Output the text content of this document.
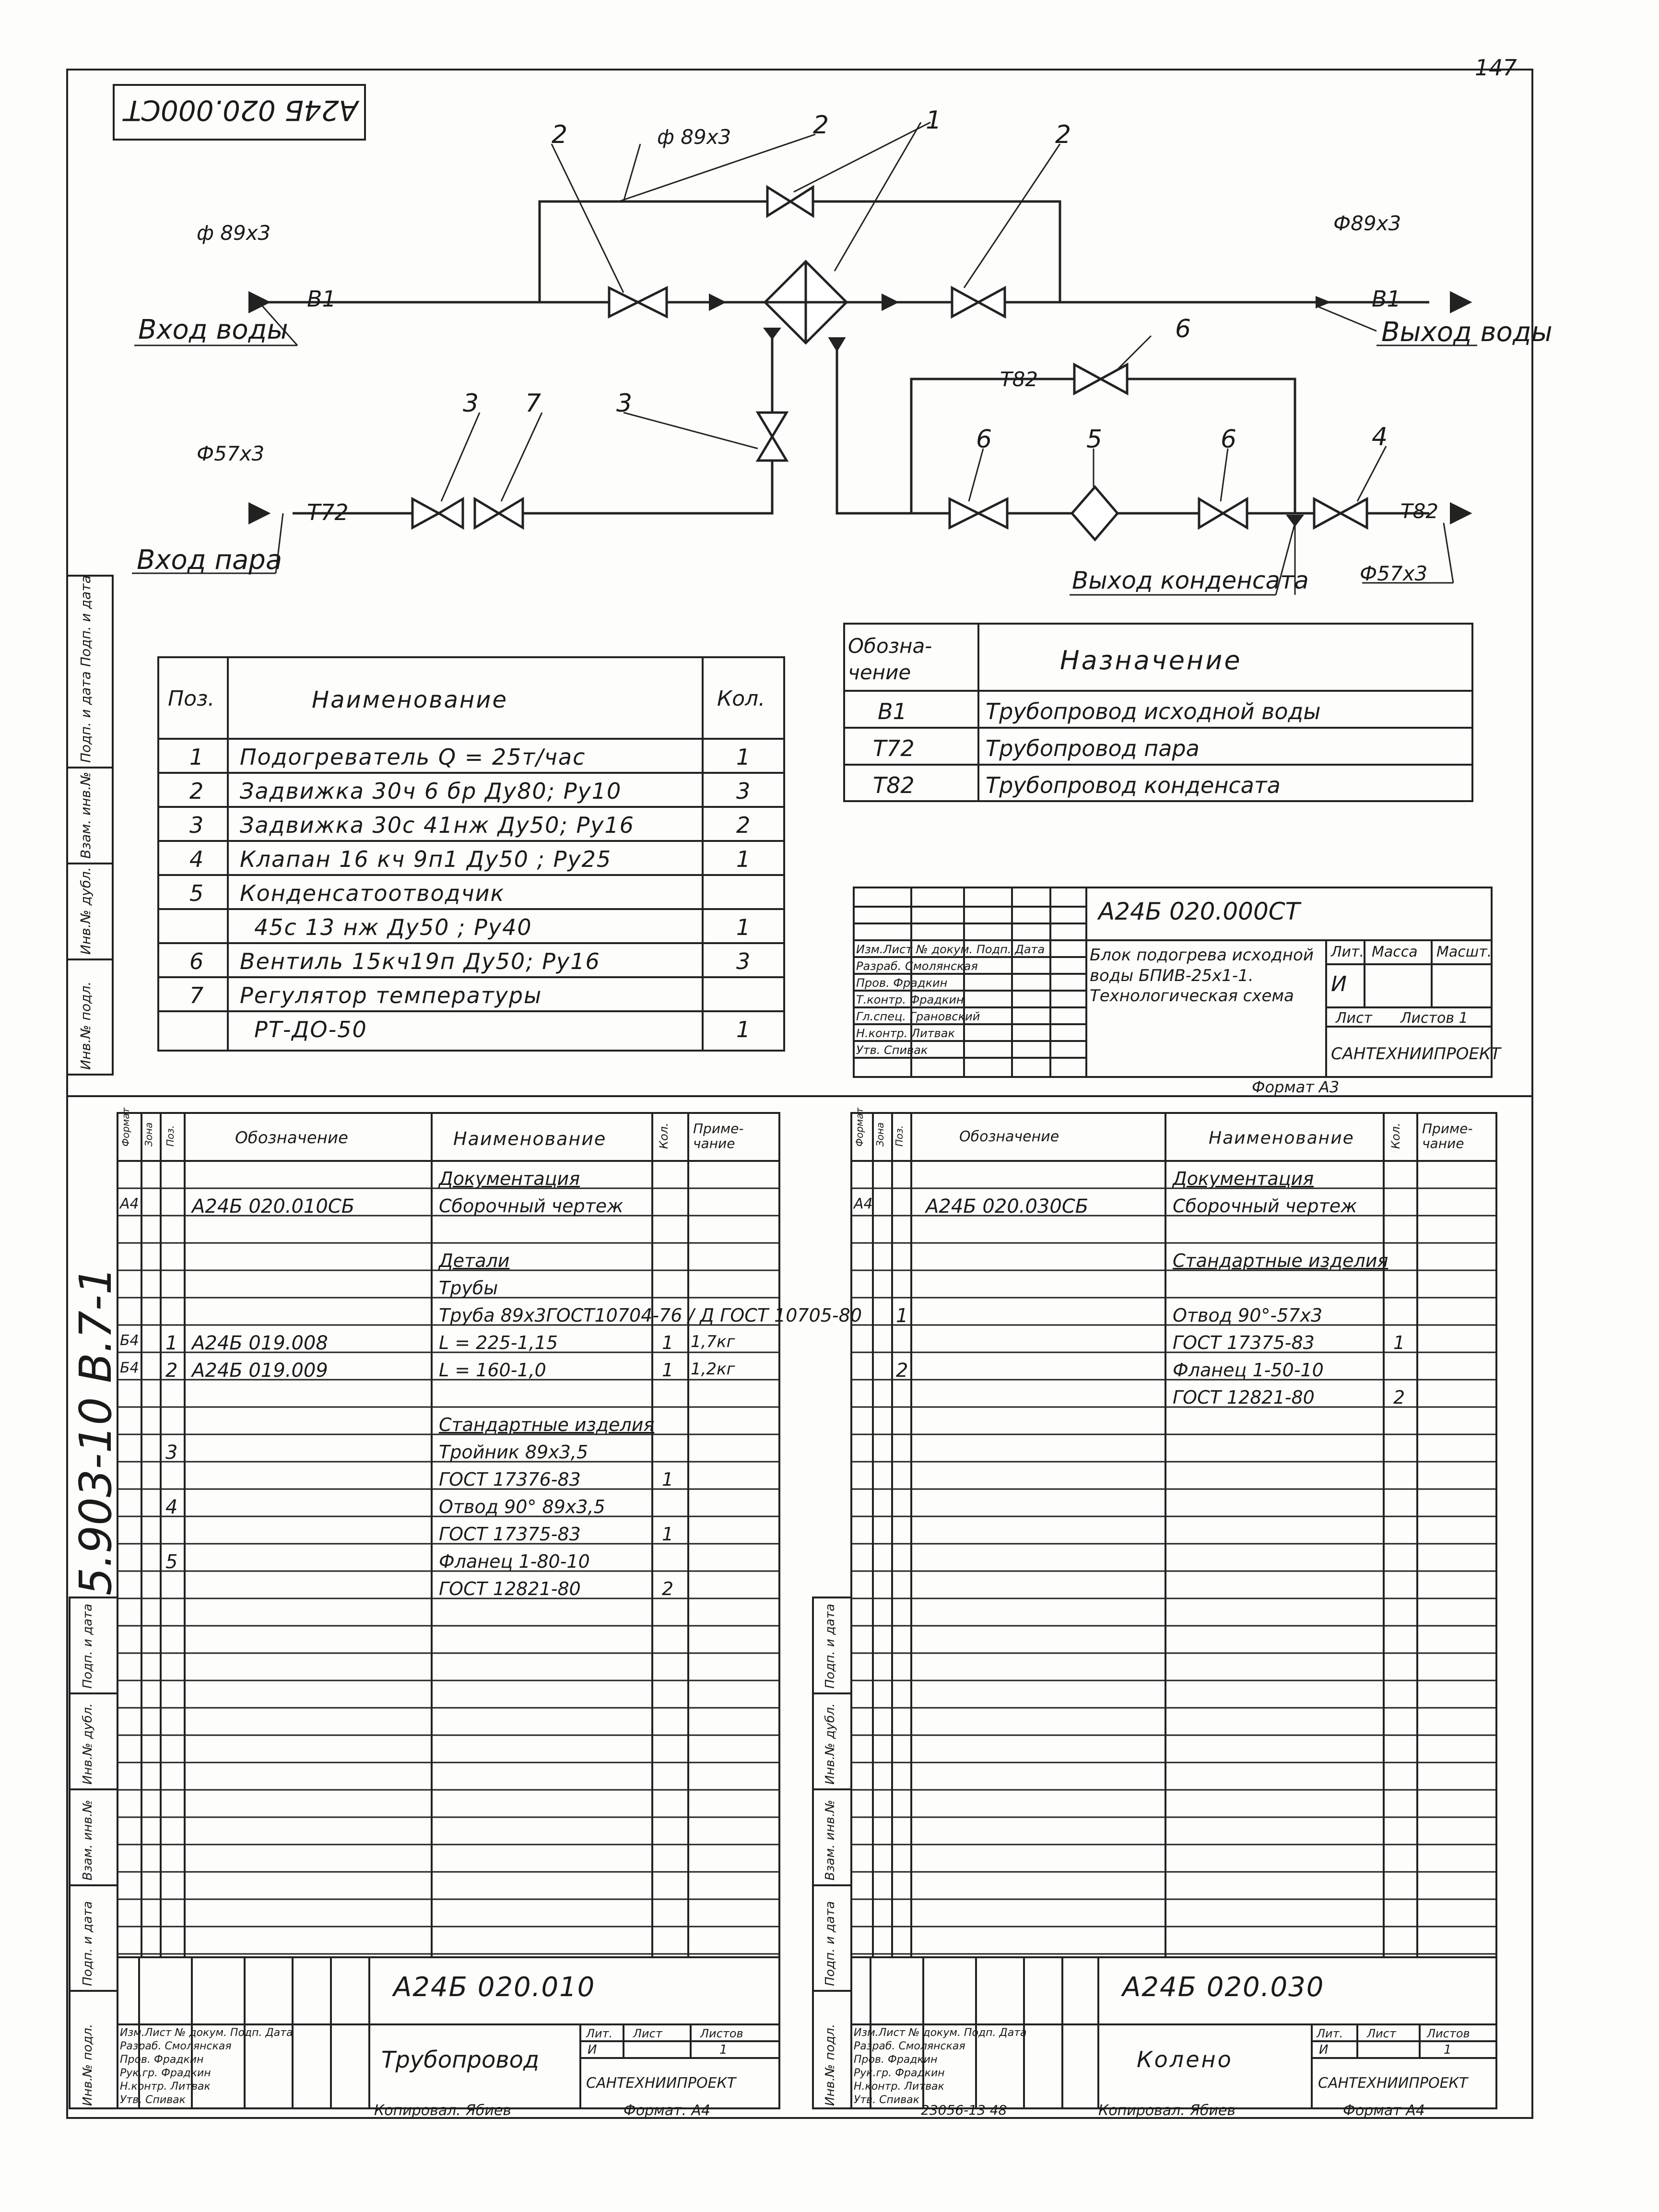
147
5.903-10 В.7-1
А24Б 020.000СТ
Вход воды	Выход воды
Вход пара
Выход конденсата
В1	В1
Т72
Т82
Т82
ф 89х3
ф 89х3
Ф89х3
Ф57х3
Ф57х3
2	2	1	2
3 7	3
6	5	6
6
4
Обозна-
чение	Назначение
В1	Трубопровод исходной воды
Т72	Трубопровод пара
Т82	Трубопровод конденсата
Поз.	Наименование	Кол.
1 Подогреватель Q = 25т/час	1
2 Задвижка 30ч 6 бр Ду80; Ру10	3
3 Задвижка 30с 41нж Ду50; Ру16	2
4 Клапан 16 кч 9п1 Ду50 ; Ру25	1
5 Конденсатоотводчик
45с 13 нж Ду50 ; Ру40	1
6 Вентиль 15кч19п Ду50; Ру16	3
7 Регулятор температуры
РТ-ДО-50	1
А24Б 020.000СТ
Блок подогрева исходной воды БПИВ-25х1-1. Технологическая схема
Лит. Масса Масшт.
И
Лист Листов 1
САНТЕХНИИПРОЕКТ
Изм.Лист № докум. Подп. Дата
Разраб. Смолянская
Пров. Фрадкин
Т.контр. Фрадкин
Гл.спец. Грановский
Н.контр. Литвак
Утв. Спивак
Формат А3
Документация
А4	А24Б 020.010СБ	Сборочный чертеж
Детали
Трубы
Труба 89х3ГОСТ10704-76 / Д ГОСТ 10705-80
Б4 1 А24Б 019.008	L = 225-1,15	1 1,7кг
Б4 2 А24Б 019.009	L = 160-1,0	1 1,2кг
Стандартные изделия
3	Тройник 89х3,5
ГОСТ 17376-83	1
4	Отвод 90° 89х3,5
ГОСТ 17375-83	1
5	Фланец 1-80-10
ГОСТ 12821-80	2
Формат Зона Поз.	Обозначение	Наименование	Кол. Приме-
чание
А24Б 020.010
Трубопровод
Лит. Лист	Листов
И	1
САНТЕХНИИПРОЕКТ
Изм.Лист № докум. Подп. Дата
Разраб. Смолянская
Пров. Фрадкин
Рук.гр. Фрадкин
Н.контр. Литвак
Утв. Спивак
Копировал: Ябиев	Формат: А4
Документация
А4	А24Б 020.030СБ	Сборочный чертеж
Стандартные изделия
1	Отвод 90°-57х3
ГОСТ 17375-83	1
2	Фланец 1-50-10
ГОСТ 12821-80	2
Формат Зона Поз.	Обозначение	Наименование	Кол. Приме-
чание
А24Б 020.030
Колено
Лит. Лист	Листов
И	1
САНТЕХНИИПРОЕКТ
Изм.Лист № докум. Подп. Дата
Разраб. Смолянская
Пров. Фрадкин
Рук.гр. Фрадкин
Н.контр. Литвак
Утв. Спивак
23056-13 48	Копировал: Ябиев	Формат А4
Инв.№ подл.
Подп. и дата
Взам. инв.№
Инв.№ дубл.
Подп. и дата
Инв.№ подл.
Подп. и дата
Взам. инв.№
Инв.№ дубл.
Подп. и дата
Инв.№ подл.
Подп. и дата
Взам. инв.№
Инв.№ дубл.
Подп. и дата
